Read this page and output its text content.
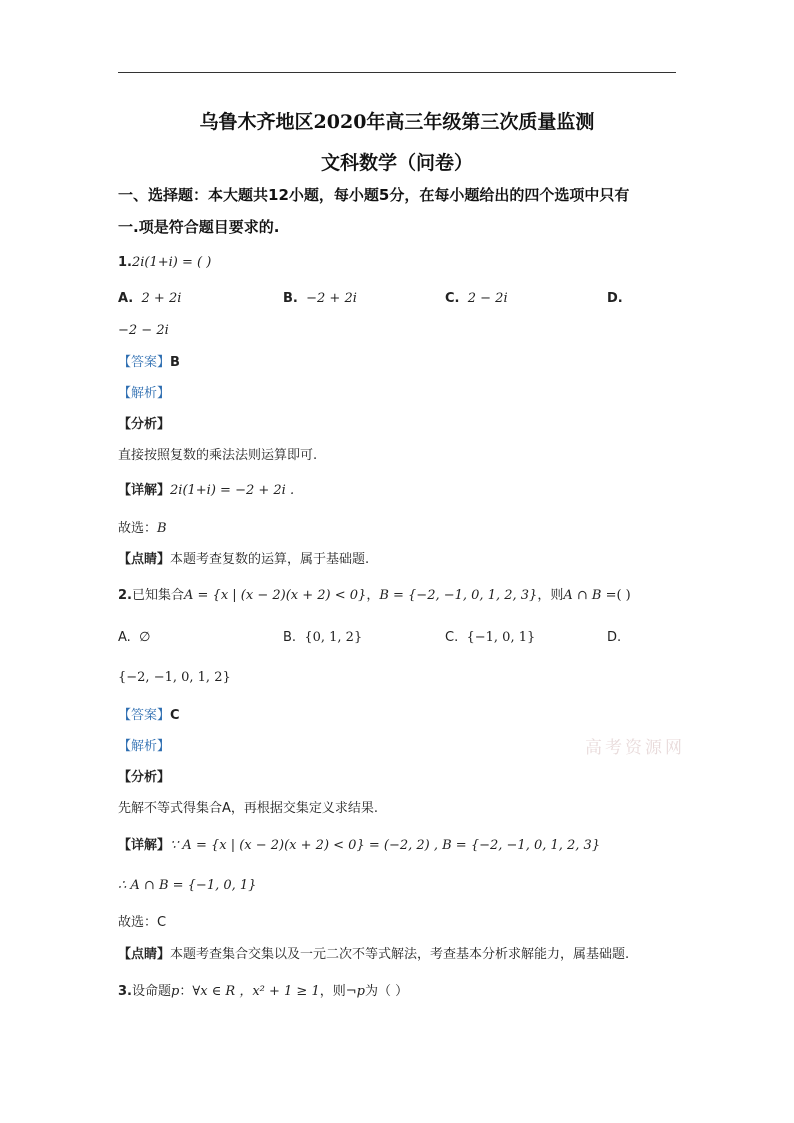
乌鲁木齐地区2020年高三年级第三次质量监测
文科数学（问卷）
一、选择题：本大题共12小题，每小题5分，在每小题给出的四个选项中只有
一.项是符合题目要求的.
1.2i(1+i) = ( )
A. 2 + 2i	B. −2 + 2i	C. 2 − 2i	D.
−2 − 2i
【答案】B
【解析】
【分析】
直接按照复数的乘法法则运算即可.
【详解】2i(1+i) = −2 + 2i .
故选：B
【点睛】本题考查复数的运算，属于基础题.
2.已知集合A = {x | (x − 2)(x + 2) < 0}，B = {−2, −1, 0, 1, 2, 3}，则A ∩ B =( )
A. ∅	B. {0, 1, 2}	C. {−1, 0, 1}	D.
{−2, −1, 0, 1, 2}
【答案】C
【解析】
【分析】
先解不等式得集合A，再根据交集定义求结果.
【详解】∵ A = {x | (x − 2)(x + 2) < 0} = (−2, 2) , B = {−2, −1, 0, 1, 2, 3}
∴ A ∩ B = {−1, 0, 1}
故选：C
【点睛】本题考查集合交集以及一元二次不等式解法，考查基本分析求解能力，属基础题.
3.设命题p：∀x ∈ R ，x² + 1 ≥ 1，则¬p为（ ）
高考资源网
